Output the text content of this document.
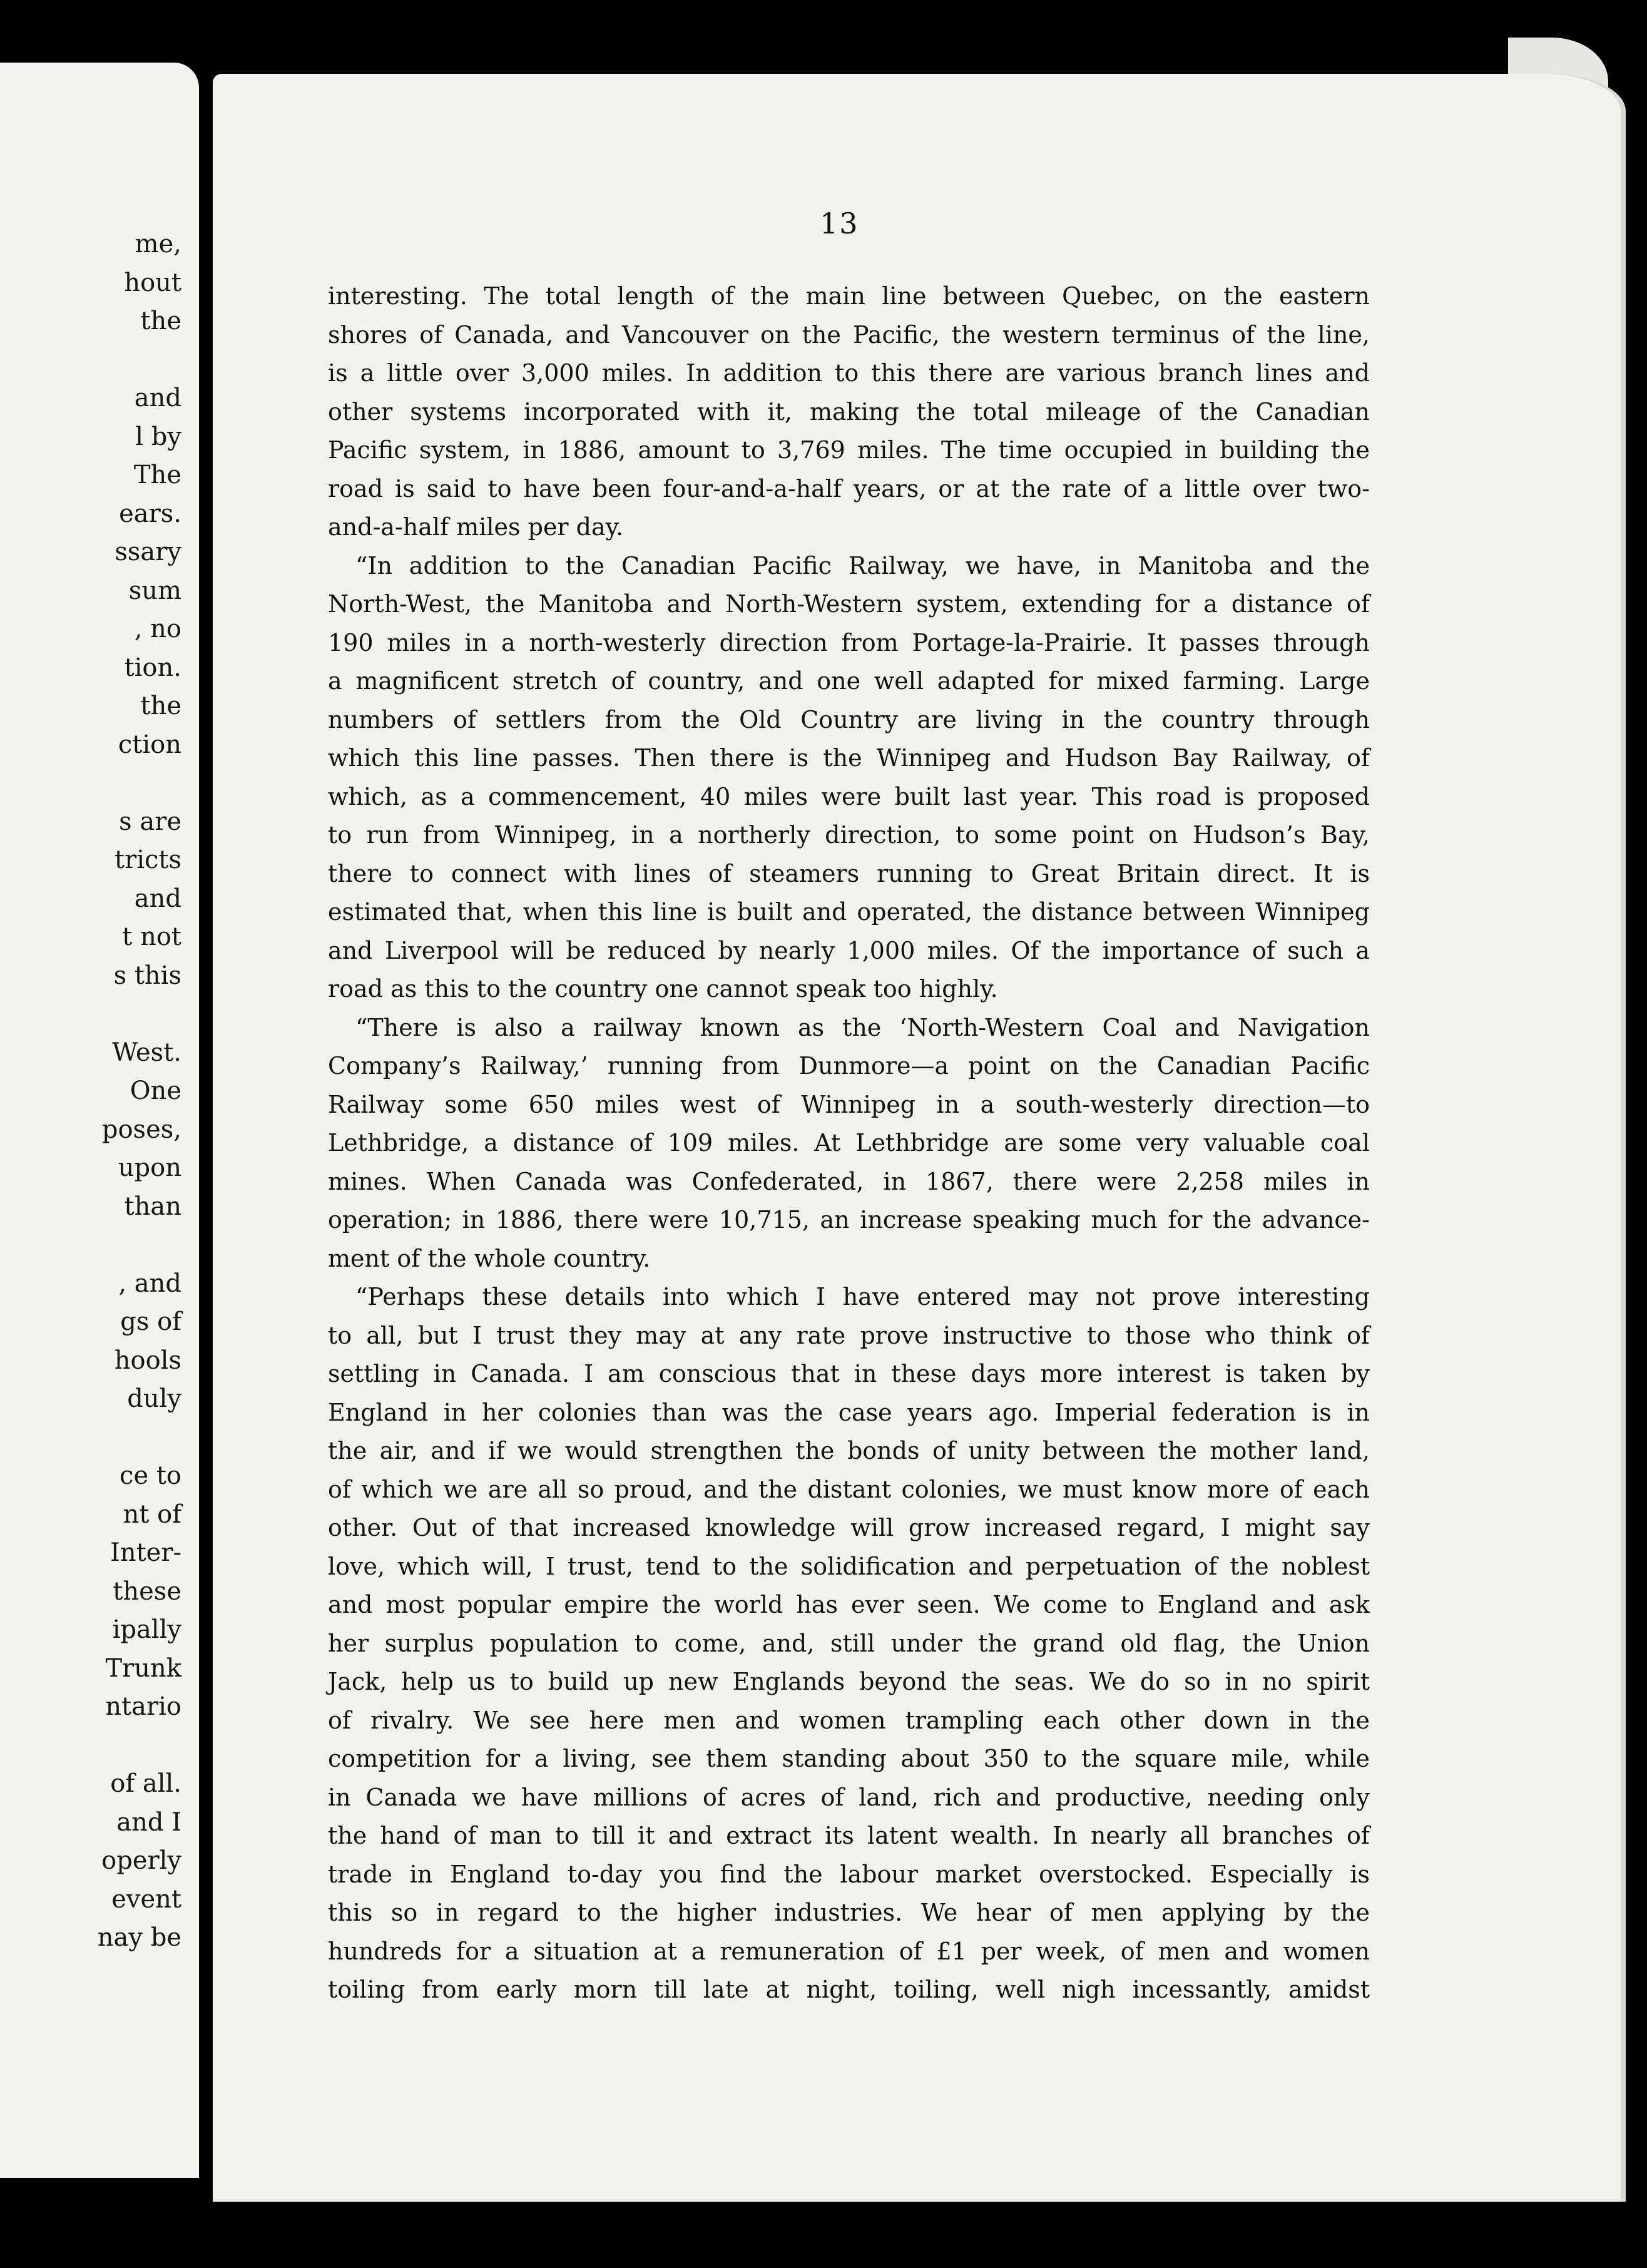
me,
hout
the
and
l by
The
ears.
ssary
sum
, no
tion.
the
ction
s are
tricts
and
t not
s this
West.
One
poses,
upon
than
, and
gs of
hools
duly
ce to
nt of
Inter-
these
ipally
Trunk
ntario
of all.
and I
operly
event
nay be
13
interesting. The total length of the main line between Quebec, on the eastern
shores of Canada, and Vancouver on the Pacific, the western terminus of the line,
is a little over 3,000 miles. In addition to this there are various branch lines and
other systems incorporated with it, making the total mileage of the Canadian
Pacific system, in 1886, amount to 3,769 miles. The time occupied in building the
road is said to have been four-and-a-half years, or at the rate of a little over two-
and-a-half miles per day.
“In addition to the Canadian Pacific Railway, we have, in Manitoba and the
North-West, the Manitoba and North-Western system, extending for a distance of
190 miles in a north-westerly direction from Portage-la-Prairie. It passes through
a magnificent stretch of country, and one well adapted for mixed farming. Large
numbers of settlers from the Old Country are living in the country through
which this line passes. Then there is the Winnipeg and Hudson Bay Railway, of
which, as a commencement, 40 miles were built last year. This road is proposed
to run from Winnipeg, in a northerly direction, to some point on Hudson’s Bay,
there to connect with lines of steamers running to Great Britain direct. It is
estimated that, when this line is built and operated, the distance between Winnipeg
and Liverpool will be reduced by nearly 1,000 miles. Of the importance of such a
road as this to the country one cannot speak too highly.
“There is also a railway known as the ‘North-Western Coal and Navigation
Company’s Railway,’ running from Dunmore—a point on the Canadian Pacific
Railway some 650 miles west of Winnipeg in a south-westerly direction—to
Lethbridge, a distance of 109 miles. At Lethbridge are some very valuable coal
mines. When Canada was Confederated, in 1867, there were 2,258 miles in
operation; in 1886, there were 10,715, an increase speaking much for the advance-
ment of the whole country.
“Perhaps these details into which I have entered may not prove interesting
to all, but I trust they may at any rate prove instructive to those who think of
settling in Canada. I am conscious that in these days more interest is taken by
England in her colonies than was the case years ago. Imperial federation is in
the air, and if we would strengthen the bonds of unity between the mother land,
of which we are all so proud, and the distant colonies, we must know more of each
other. Out of that increased knowledge will grow increased regard, I might say
love, which will, I trust, tend to the solidification and perpetuation of the noblest
and most popular empire the world has ever seen. We come to England and ask
her surplus population to come, and, still under the grand old flag, the Union
Jack, help us to build up new Englands beyond the seas. We do so in no spirit
of rivalry. We see here men and women trampling each other down in the
competition for a living, see them standing about 350 to the square mile, while
in Canada we have millions of acres of land, rich and productive, needing only
the hand of man to till it and extract its latent wealth. In nearly all branches of
trade in England to-day you find the labour market overstocked. Especially is
this so in regard to the higher industries. We hear of men applying by the
hundreds for a situation at a remuneration of £1 per week, of men and women
toiling from early morn till late at night, toiling, well nigh incessantly, amidst
